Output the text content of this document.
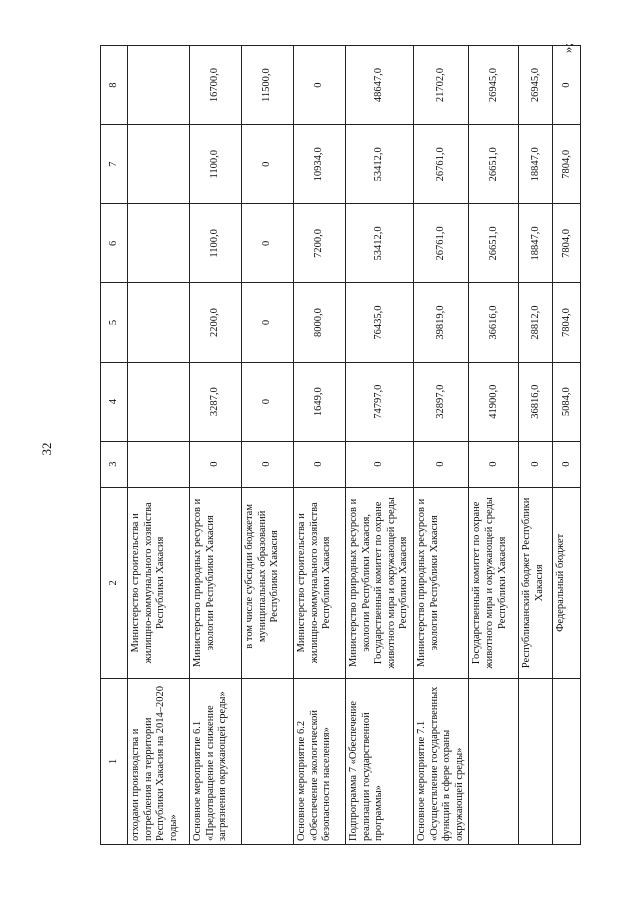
32
»;
1	2	3	4	5	6	7	8
отходами производства и потребления на территории Республики Хакасия на 2014–2020 годы»	Министерство строительства и жилищно-коммунального хозяйства Республики Хакасия						
Основное мероприятие 6.1 «Предотвращение и снижение загрязнения окружающей среды»	Министерство природных ресурсов и экологии Республики Хакасия	0	3287,0	2200,0	1100,0	1100,0	16700,0
	в том числе субсидии бюджетам муниципальных образований Республики Хакасия	0	0	0	0	0	11500,0
Основное мероприятие 6.2 «Обеспечение экологической безопасности населения»	Министерство строительства и жилищно-коммунального хозяйства Республики Хакасия	0	1649,0	8000,0	7200,0	10934,0	0
Подпрограмма 7 «Обеспечение реализации государственной программы»	Министерство природных ресурсов и экологии Республики Хакасия, Государственный комитет по охране животного мира и окружающей среды Республики Хакасия	0	74797,0	76435,0	53412,0	53412,0	48647,0
Основное мероприятие 7.1 «Осуществление государственных функций в сфере охраны окружающей среды»	Министерство природных ресурсов и экологии Республики Хакасия	0	32897,0	39819,0	26761,0	26761,0	21702,0
	Государственный комитет по охране животного мира и окружающей среды Республики Хакасия	0	41900,0	36616,0	26651,0	26651,0	26945,0
	Республиканский бюджет Республики Хакасия	0	36816,0	28812,0	18847,0	18847,0	26945,0
	Федеральный бюджет	0	5084,0	7804,0	7804,0	7804,0	0
